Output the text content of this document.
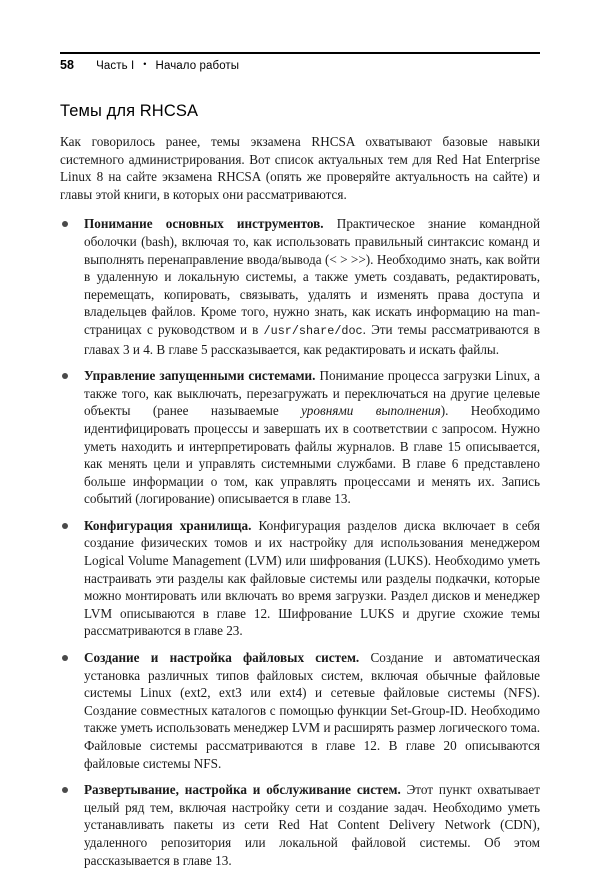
58 Часть I • Начало работы
Темы для RHCSA

Как говорилось ранее, темы экзамена RHCSA охватывают базовые навыки системного администрирования. Вот список актуальных тем для Red Hat Enterprise Linux 8 на сайте экзамена RHCSA (опять же проверяйте актуальность на сайте) и главы этой книги, в которых они рассматриваются.

Понимание основных инструментов. Практическое знание командной оболочки (bash), включая то, как использовать правильный синтаксис команд и выполнять перенаправление ввода/вывода (< > >>). Необходимо знать, как войти в удаленную и локальную системы, а также уметь создавать, редактировать, перемещать, копировать, связывать, удалять и изменять права доступа и владельцев файлов. Кроме того, нужно знать, как искать информацию на man-страницах с руководством и в /usr/share/doc. Эти темы рассматриваются в главах 3 и 4. В главе 5 рассказывается, как редактировать и искать файлы.
Управление запущенными системами. Понимание процесса загрузки Linux, а также того, как выключать, перезагружать и переключаться на другие целевые объекты (ранее называемые уровнями выполнения). Необходимо идентифицировать процессы и завершать их в соответствии с запросом. Нужно уметь находить и интерпретировать файлы журналов. В главе 15 описывается, как менять цели и управлять системными службами. В главе 6 представлено больше информации о том, как управлять процессами и менять их. Запись событий (логирование) описывается в главе 13.
Конфигурация хранилища. Конфигурация разделов диска включает в себя создание физических томов и их настройку для использования менеджером Logical Volume Management (LVM) или шифрования (LUKS). Необходимо уметь настраивать эти разделы как файловые системы или разделы подкачки, которые можно монтировать или включать во время загрузки. Раздел дисков и менеджер LVM описываются в главе 12. Шифрование LUKS и другие схожие темы рассматриваются в главе 23.
Создание и настройка файловых систем. Создание и автоматическая установка различных типов файловых систем, включая обычные файловые системы Linux (ext2, ext3 или ext4) и сетевые файловые системы (NFS). Создание совместных каталогов с помощью функции Set-Group-ID. Необходимо также уметь использовать менеджер LVM и расширять размер логического тома. Файловые системы рассматриваются в главе 12. В главе 20 описываются файловые системы NFS.
Развертывание, настройка и обслуживание систем. Этот пункт охватывает целый ряд тем, включая настройку сети и создание задач. Необходимо уметь устанавливать пакеты из сети Red Hat Content Delivery Network (CDN), удаленного репозитория или локальной файловой системы. Об этом рассказывается в главе 13.
